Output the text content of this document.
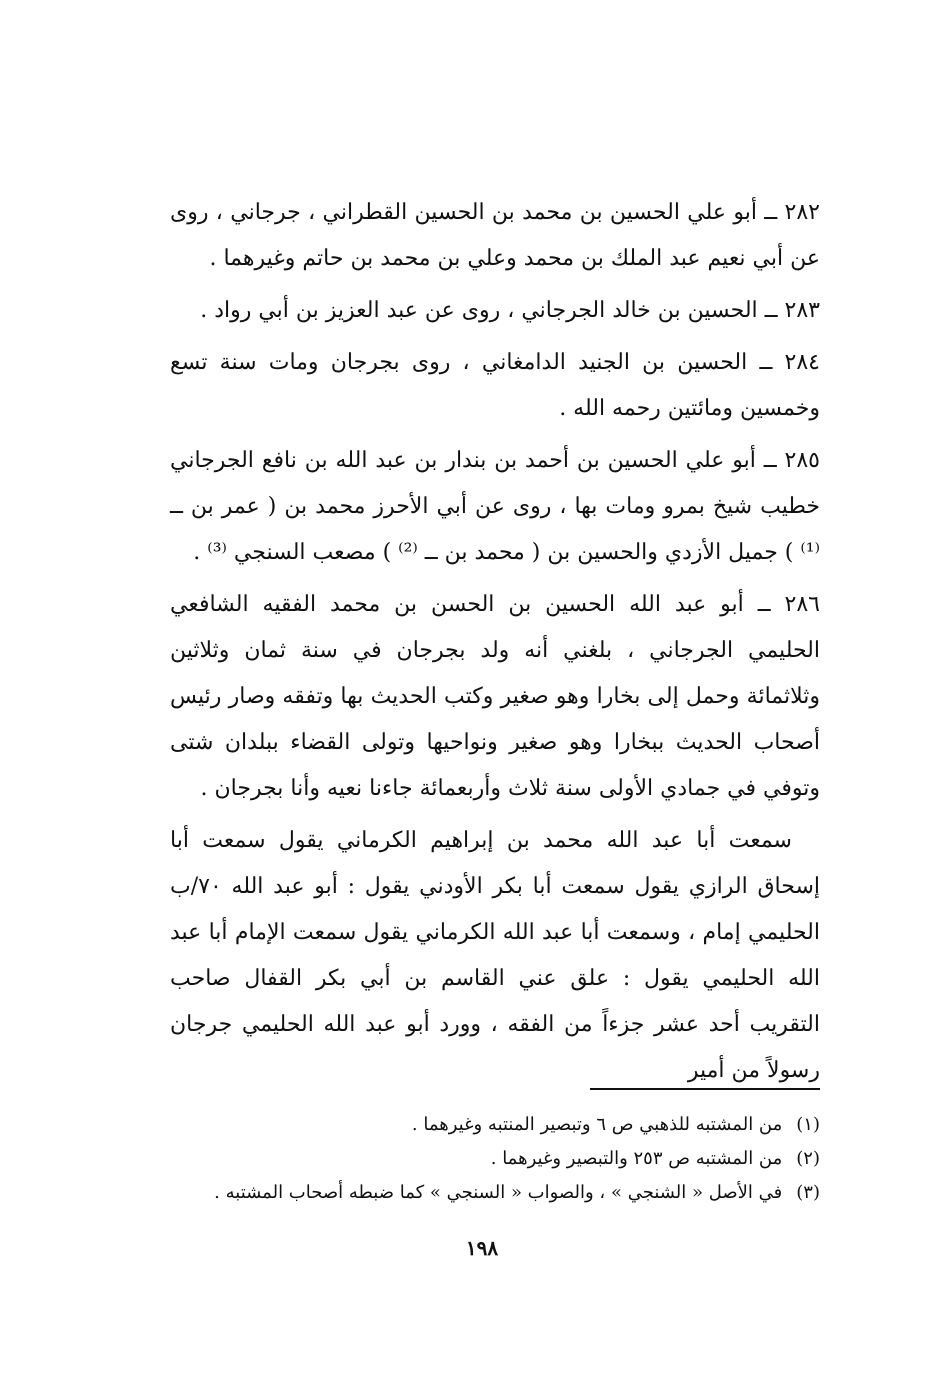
٢٨٢ ــ أبو علي الحسين بن محمد بن الحسين القطراني ، جرجاني ، روى عن أبي نعيم عبد الملك بن محمد وعلي بن محمد بن حاتم وغيرهما .

٢٨٣ ــ الحسين بن خالد الجرجاني ، روى عن عبد العزيز بن أبي رواد .

٢٨٤ ــ الحسين بن الجنيد الدامغاني ، روى بجرجان ومات سنة تسع وخمسين ومائتين رحمه الله .

٢٨٥ ــ أبو علي الحسين بن أحمد بن بندار بن عبد الله بن نافع الجرجاني خطيب شيخ بمرو ومات بها ، روى عن أبي الأحرز محمد بن ( عمر بن ــ ⁽¹⁾ ) جميل الأزدي والحسين بن ( محمد بن ــ ⁽²⁾ ) مصعب السنجي ⁽³⁾ .

٢٨٦ ــ أبو عبد الله الحسين بن الحسن بن محمد الفقيه الشافعي الحليمي الجرجاني ، بلغني أنه ولد بجرجان في سنة ثمان وثلاثين وثلاثمائة وحمل إلى بخارا وهو صغير وكتب الحديث بها وتفقه وصار رئيس أصحاب الحديث ببخارا وهو صغير ونواحيها وتولى القضاء ببلدان شتى وتوفي في جمادي الأولى سنة ثلاث وأربعمائة جاءنا نعيه وأنا بجرجان .

سمعت أبا عبد الله محمد بن إبراهيم الكرماني يقول سمعت أبا إسحاق الرازي يقول سمعت أبا بكر الأودني يقول : أبو عبد الله ٧٠/ب الحليمي إمام ، وسمعت أبا عبد الله الكرماني يقول سمعت الإمام أبا عبد الله الحليمي يقول : علق عني القاسم بن أبي بكر القفال صاحب التقريب أحد عشر جزءاً من الفقه ، وورد أبو عبد الله الحليمي جرجان رسولاً من أمير

(١)من المشتبه للذهبي ص ٦ وتبصير المنتبه وغيرهما .

(٢)من المشتبه ص ٢٥٣ والتبصير وغيرهما .

(٣)في الأصل « الشنجي » ، والصواب « السنجي » كما ضبطه أصحاب المشتبه .

١٩٨
